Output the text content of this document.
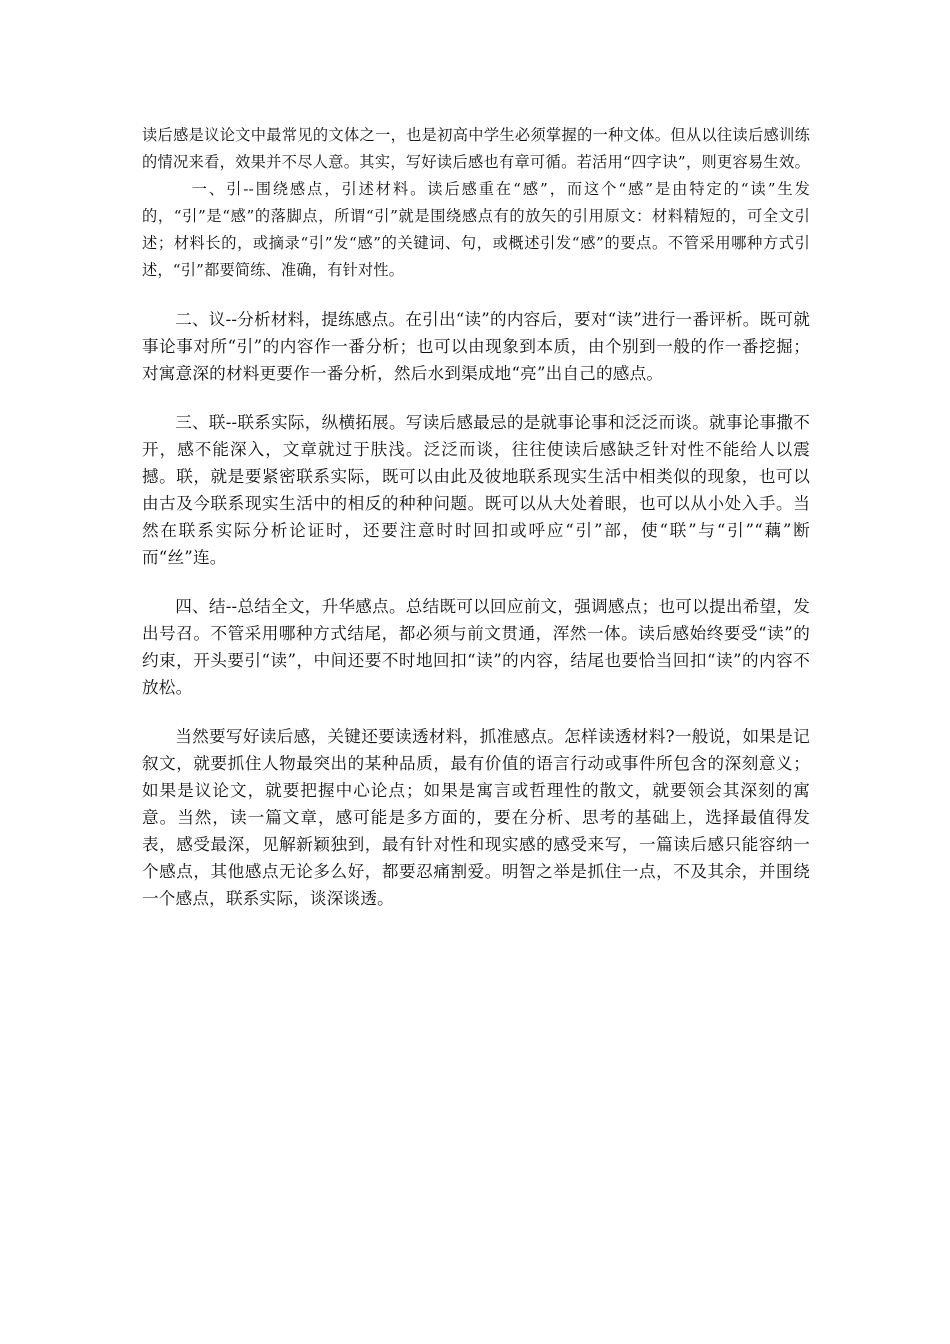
读后感是议论文中最常见的文体之一，也是初高中学生必须掌握的一种文体。但从以往读后感训练的情况来看，效果并不尽人意。其实，写好读后感也有章可循。若活用“四字诀”，则更容易生效。一、引--围绕感点，引述材料。读后感重在“感”，而这个“感”是由特定的“读”生发的，“引”是“感”的落脚点，所谓“引”就是围绕感点有的放矢的引用原文：材料精短的，可全文引述；材料长的，或摘录“引”发“感”的关键词、句，或概述引发“感”的要点。不管采用哪种方式引述，“引”都要简练、准确，有针对性。

二、议--分析材料，提练感点。在引出“读”的内容后，要对“读”进行一番评析。既可就事论事对所“引”的内容作一番分析；也可以由现象到本质，由个别到一般的作一番挖掘；对寓意深的材料更要作一番分析，然后水到渠成地“亮”出自己的感点。

三、联--联系实际，纵横拓展。写读后感最忌的是就事论事和泛泛而谈。就事论事撒不开，感不能深入，文章就过于肤浅。泛泛而谈，往往使读后感缺乏针对性不能给人以震撼。联，就是要紧密联系实际，既可以由此及彼地联系现实生活中相类似的现象，也可以由古及今联系现实生活中的相反的种种问题。既可以从大处着眼，也可以从小处入手。当然在联系实际分析论证时，还要注意时时回扣或呼应“引”部，使“联”与“引”“藕”断而“丝”连。

四、结--总结全文，升华感点。总结既可以回应前文，强调感点；也可以提出希望，发出号召。不管采用哪种方式结尾，都必须与前文贯通，浑然一体。读后感始终要受“读”的约束，开头要引“读”，中间还要不时地回扣“读”的内容，结尾也要恰当回扣“读”的内容不放松。

当然要写好读后感，关键还要读透材料，抓准感点。怎样读透材料?一般说，如果是记叙文，就要抓住人物最突出的某种品质，最有价值的语言行动或事件所包含的深刻意义；如果是议论文，就要把握中心论点；如果是寓言或哲理性的散文，就要领会其深刻的寓意。当然，读一篇文章，感可能是多方面的，要在分析、思考的基础上，选择最值得发表，感受最深，见解新颖独到，最有针对性和现实感的感受来写，一篇读后感只能容纳一个感点，其他感点无论多么好，都要忍痛割爱。明智之举是抓住一点，不及其余，并围绕一个感点，联系实际，谈深谈透。
